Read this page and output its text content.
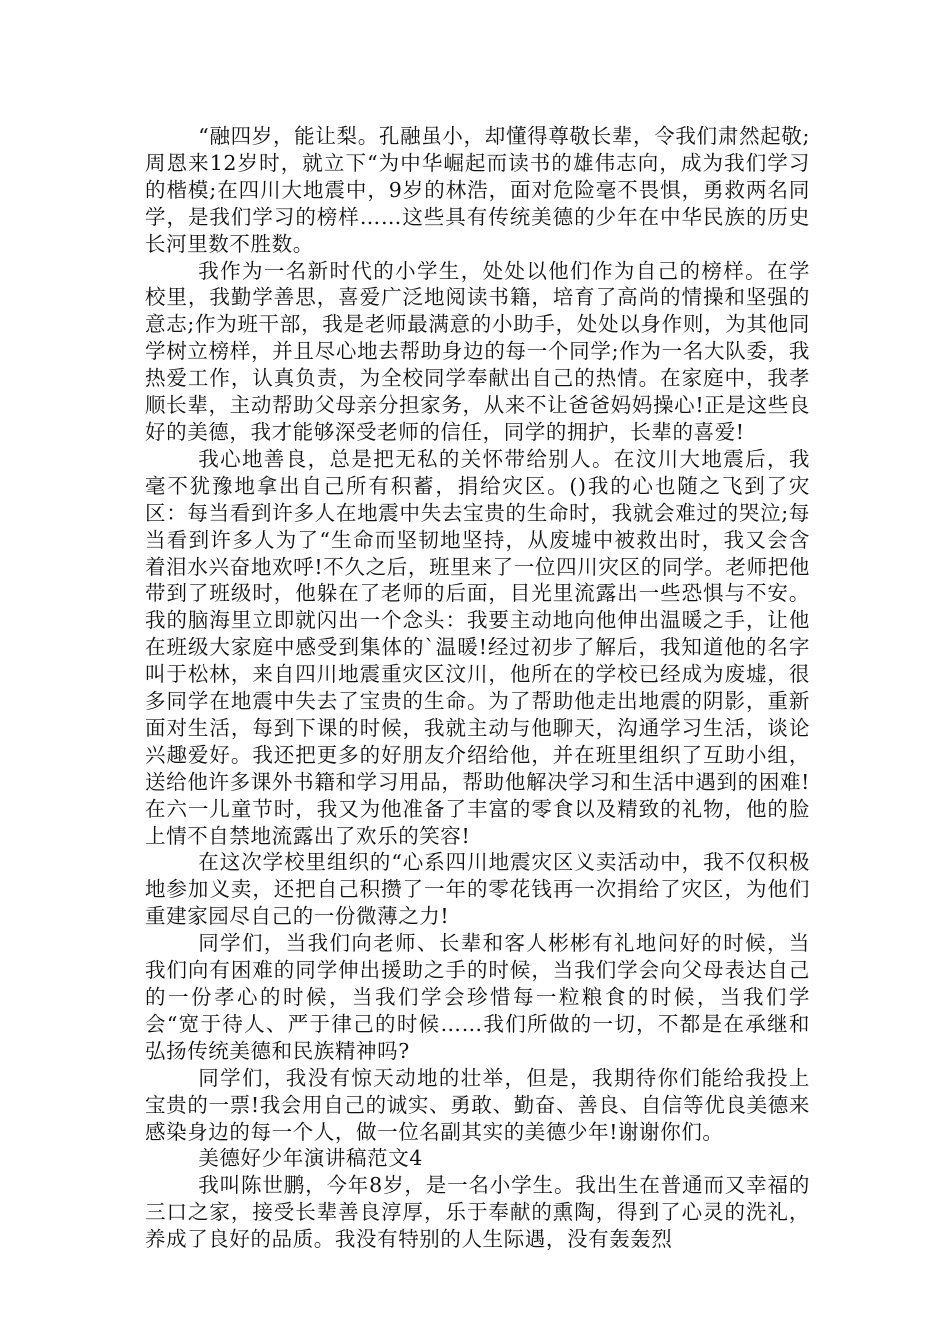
“融四岁，能让梨。孔融虽小，却懂得尊敬长辈，令我们肃然起敬;周恩来12岁时，就立下“为中华崛起而读书的雄伟志向，成为我们学习的楷模;在四川大地震中，9岁的林浩，面对危险毫不畏惧，勇救两名同学，是我们学习的榜样……这些具有传统美德的少年在中华民族的历史长河里数不胜数。

我作为一名新时代的小学生，处处以他们作为自己的榜样。在学校里，我勤学善思，喜爱广泛地阅读书籍，培育了高尚的情操和坚强的意志;作为班干部，我是老师最满意的小助手，处处以身作则，为其他同学树立榜样，并且尽心地去帮助身边的每一个同学;作为一名大队委，我热爱工作，认真负责，为全校同学奉献出自己的热情。在家庭中，我孝顺长辈，主动帮助父母亲分担家务，从来不让爸爸妈妈操心!正是这些良好的美德，我才能够深受老师的信任，同学的拥护，长辈的喜爱!

我心地善良，总是把无私的关怀带给别人。在汶川大地震后，我毫不犹豫地拿出自己所有积蓄，捐给灾区。()我的心也随之飞到了灾区：每当看到许多人在地震中失去宝贵的生命时，我就会难过的哭泣;每当看到许多人为了“生命而坚韧地坚持，从废墟中被救出时，我又会含着泪水兴奋地欢呼!不久之后，班里来了一位四川灾区的同学。老师把他带到了班级时，他躲在了老师的后面，目光里流露出一些恐惧与不安。我的脑海里立即就闪出一个念头：我要主动地向他伸出温暖之手，让他在班级大家庭中感受到集体的`温暖!经过初步了解后，我知道他的名字叫于松林，来自四川地震重灾区汶川，他所在的学校已经成为废墟，很多同学在地震中失去了宝贵的生命。为了帮助他走出地震的阴影，重新面对生活，每到下课的时候，我就主动与他聊天，沟通学习生活，谈论兴趣爱好。我还把更多的好朋友介绍给他，并在班里组织了互助小组，送给他许多课外书籍和学习用品，帮助他解决学习和生活中遇到的困难!在六一儿童节时，我又为他准备了丰富的零食以及精致的礼物，他的脸上情不自禁地流露出了欢乐的笑容!

在这次学校里组织的“心系四川地震灾区义卖活动中，我不仅积极地参加义卖，还把自己积攒了一年的零花钱再一次捐给了灾区，为他们重建家园尽自己的一份微薄之力!

同学们，当我们向老师、长辈和客人彬彬有礼地问好的时候，当我们向有困难的同学伸出援助之手的时候，当我们学会向父母表达自己的一份孝心的时候，当我们学会珍惜每一粒粮食的时候，当我们学会“宽于待人、严于律己的时候……我们所做的一切，不都是在承继和弘扬传统美德和民族精神吗?

同学们，我没有惊天动地的壮举，但是，我期待你们能给我投上宝贵的一票!我会用自己的诚实、勇敢、勤奋、善良、自信等优良美德来感染身边的每一个人，做一位名副其实的美德少年!谢谢你们。

美德好少年演讲稿范文4

我叫陈世鹏，今年8岁，是一名小学生。我出生在普通而又幸福的三口之家，接受长辈善良淳厚，乐于奉献的熏陶，得到了心灵的洗礼，养成了良好的品质。我没有特别的人生际遇，没有轰轰烈
